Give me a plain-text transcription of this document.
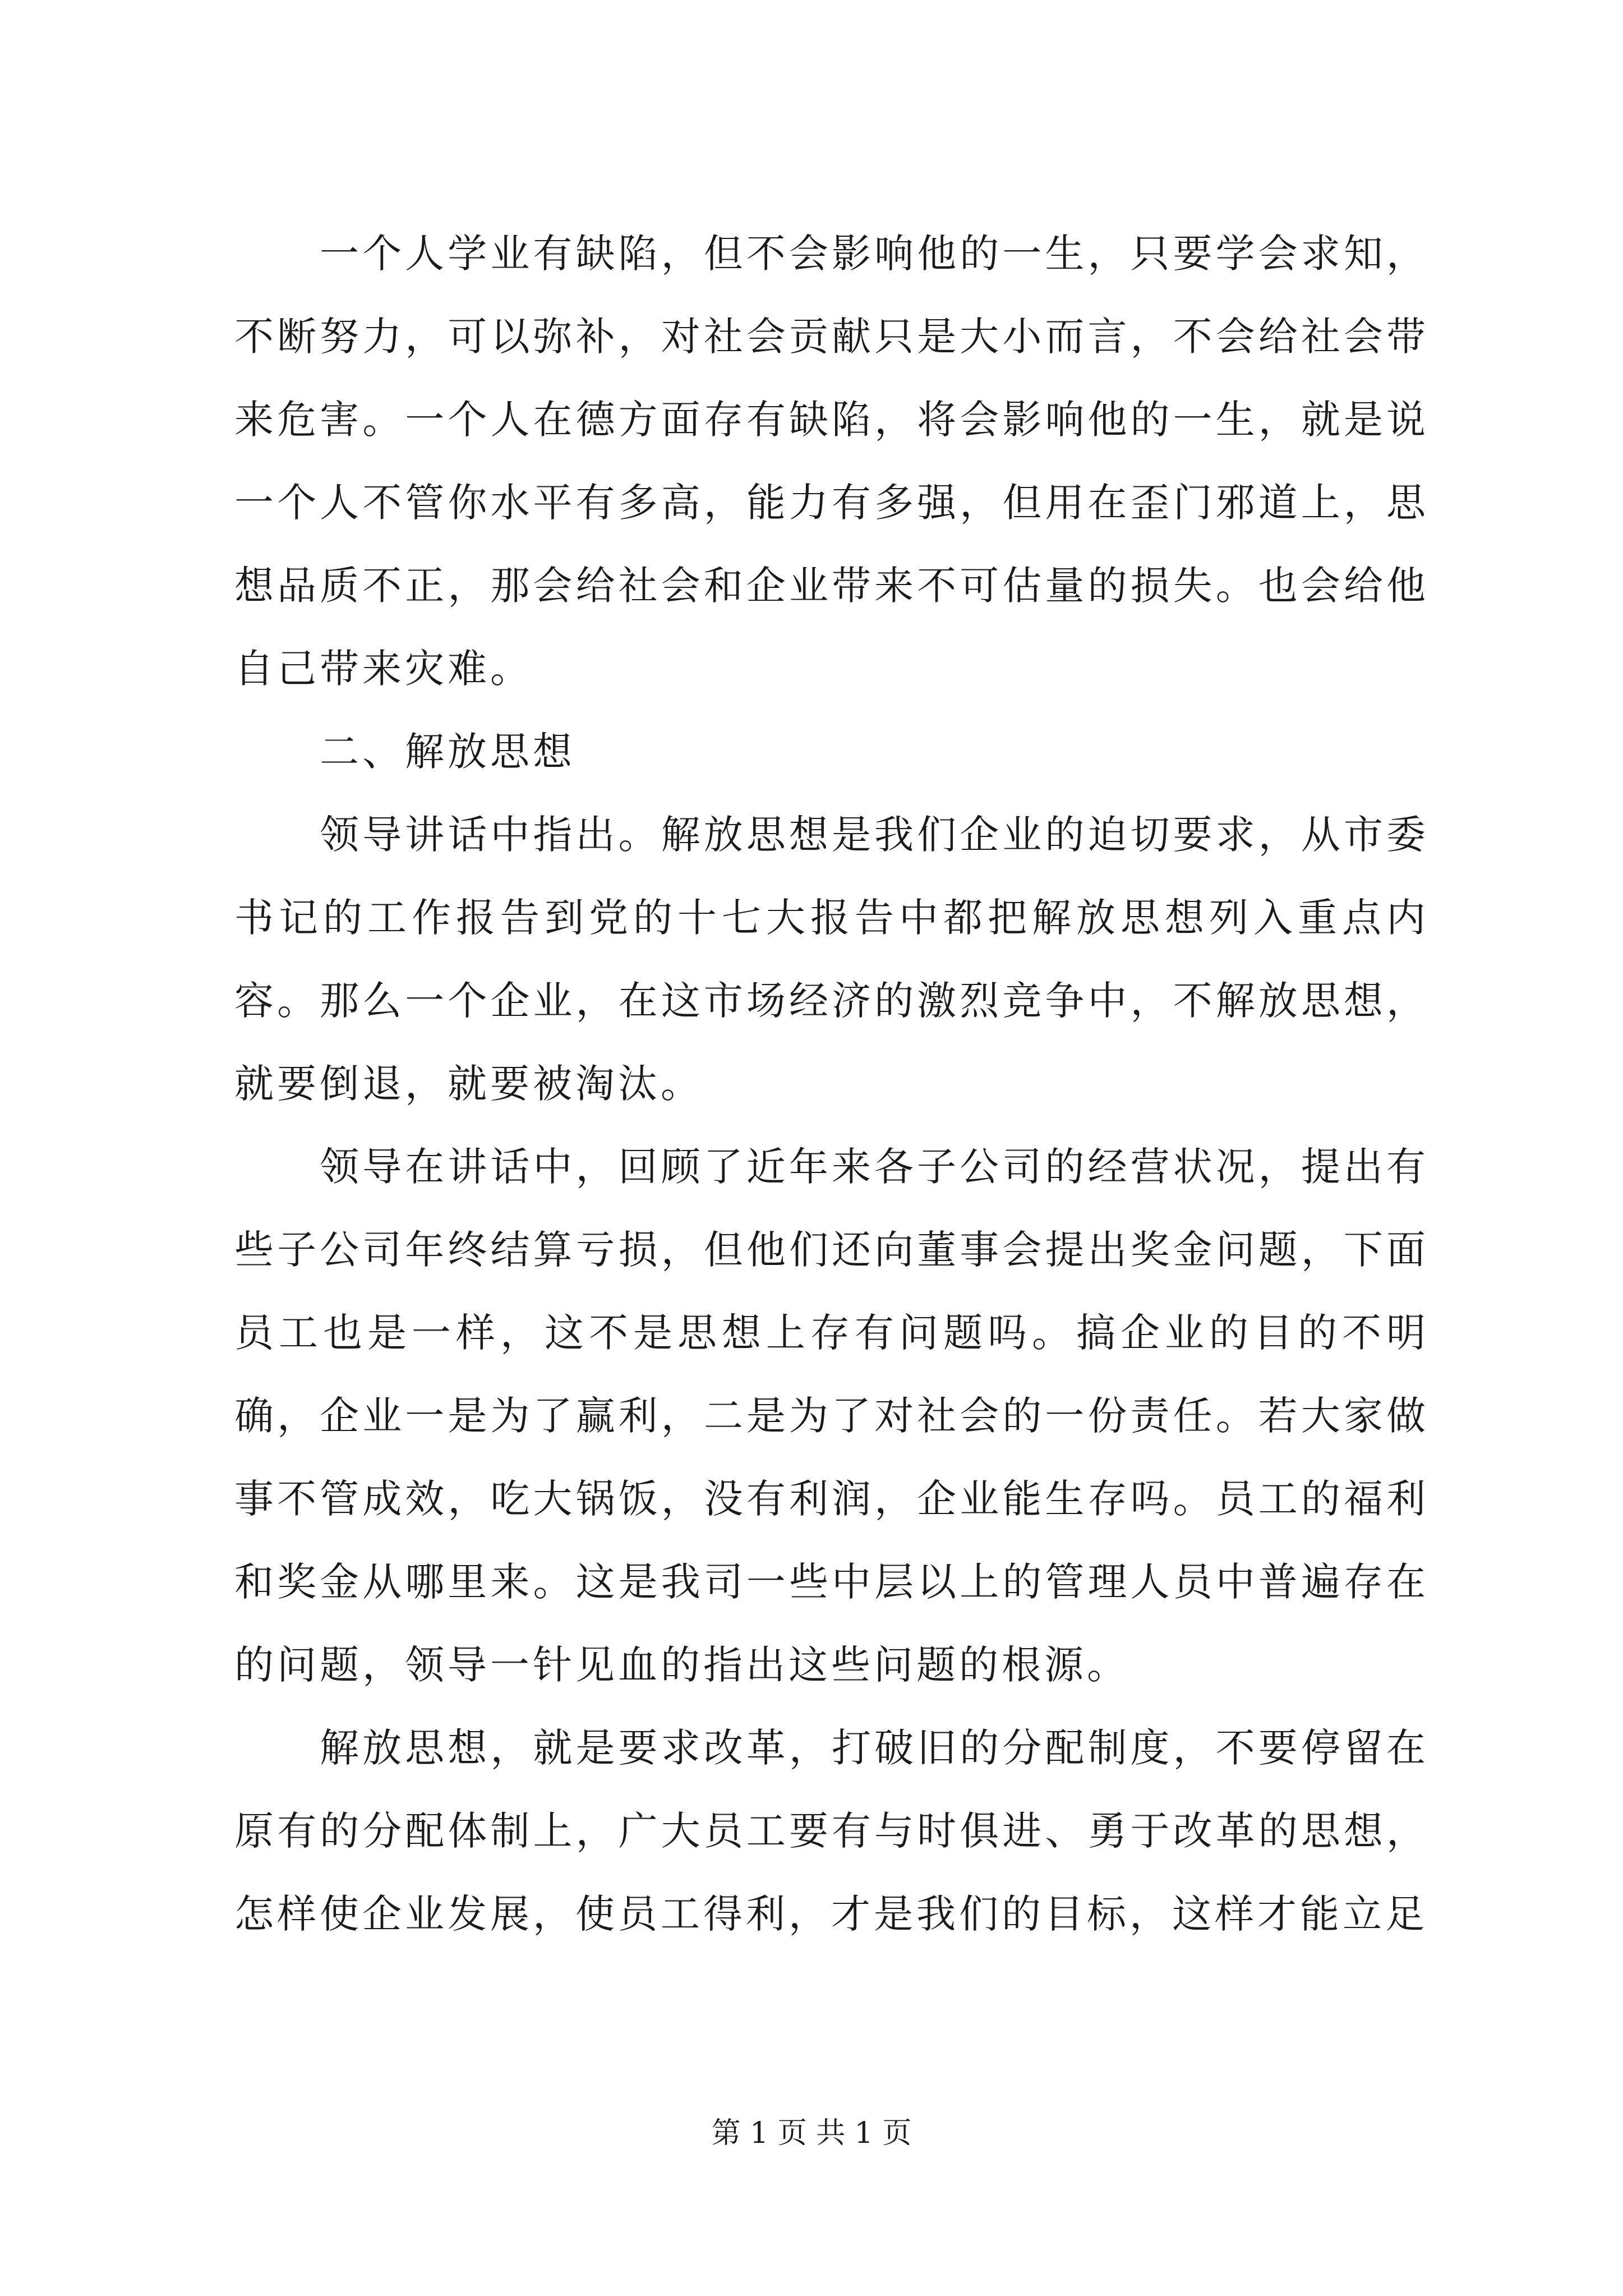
一个人学业有缺陷，但不会影响他的一生，只要学会求知，不断努力，可以弥补，对社会贡献只是大小而言，不会给社会带来危害。一个人在德方面存有缺陷，将会影响他的一生，就是说一个人不管你水平有多高，能力有多强，但用在歪门邪道上，思想品质不正，那会给社会和企业带来不可估量的损失。也会给他自己带来灾难。

二、解放思想

领导讲话中指出。解放思想是我们企业的迫切要求，从市委书记的工作报告到党的十七大报告中都把解放思想列入重点内容。那么一个企业，在这市场经济的激烈竞争中，不解放思想，就要倒退，就要被淘汰。

领导在讲话中，回顾了近年来各子公司的经营状况，提出有些子公司年终结算亏损，但他们还向董事会提出奖金问题，下面员工也是一样，这不是思想上存有问题吗。搞企业的目的不明确，企业一是为了赢利，二是为了对社会的一份责任。若大家做事不管成效，吃大锅饭，没有利润，企业能生存吗。员工的福利和奖金从哪里来。这是我司一些中层以上的管理人员中普遍存在的问题，领导一针见血的指出这些问题的根源。

解放思想，就是要求改革，打破旧的分配制度，不要停留在原有的分配体制上，广大员工要有与时俱进、勇于改革的思想，怎样使企业发展，使员工得利，才是我们的目标，这样才能立足

第 1 页 共 1 页
